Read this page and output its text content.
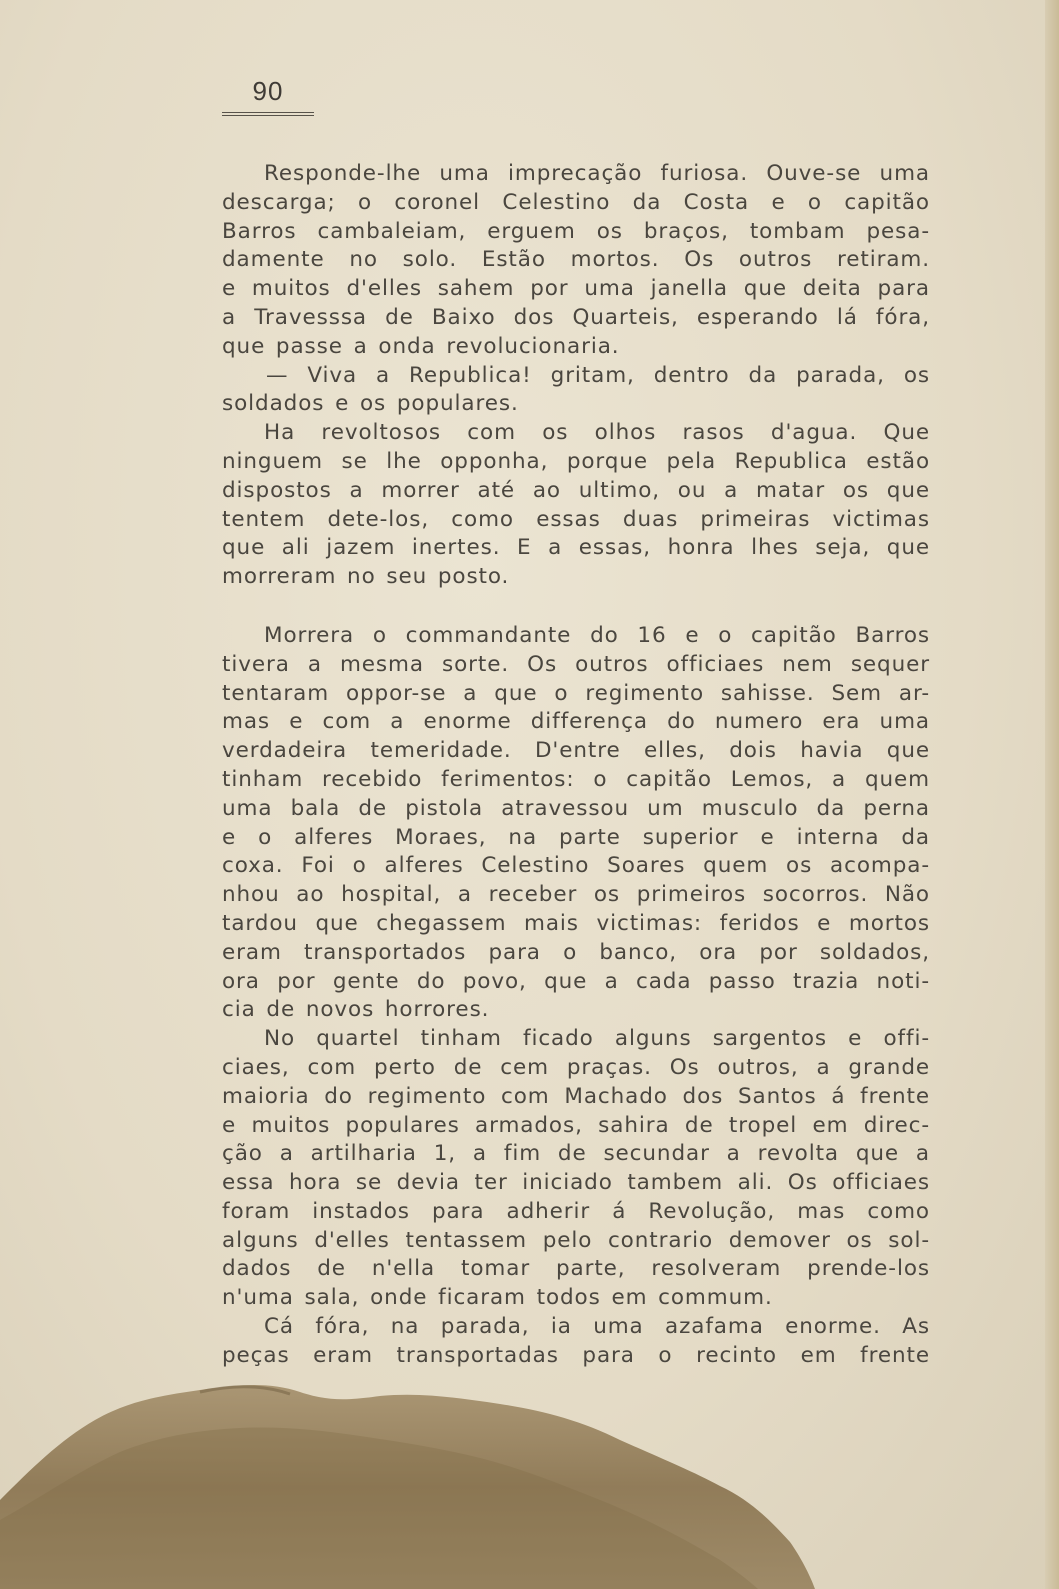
90
Responde-lhe uma imprecação furiosa. Ouve-se uma
descarga; o coronel Celestino da Costa e o capitão
Barros cambaleiam, erguem os braços, tombam pesa-
damente no solo. Estão mortos. Os outros retiram.
e muitos d'elles sahem por uma janella que deita para
a Travesssa de Baixo dos Quarteis, esperando lá fóra,
que passe a onda revolucionaria.
— Viva a Republica! gritam, dentro da parada, os
soldados e os populares.
Ha revoltosos com os olhos rasos d'agua. Que
ninguem se lhe opponha, porque pela Republica estão
dispostos a morrer até ao ultimo, ou a matar os que
tentem dete-los, como essas duas primeiras victimas
que ali jazem inertes. E a essas, honra lhes seja, que
morreram no seu posto.
Morrera o commandante do 16 e o capitão Barros
tivera a mesma sorte. Os outros officiaes nem sequer
tentaram oppor-se a que o regimento sahisse. Sem ar-
mas e com a enorme differença do numero era uma
verdadeira temeridade. D'entre elles, dois havia que
tinham recebido ferimentos: o capitão Lemos, a quem
uma bala de pistola atravessou um musculo da perna
e o alferes Moraes, na parte superior e interna da
coxa. Foi o alferes Celestino Soares quem os acompa-
nhou ao hospital, a receber os primeiros socorros. Não
tardou que chegassem mais victimas: feridos e mortos
eram transportados para o banco, ora por soldados,
ora por gente do povo, que a cada passo trazia noti-
cia de novos horrores.
No quartel tinham ficado alguns sargentos e offi-
ciaes, com perto de cem praças. Os outros, a grande
maioria do regimento com Machado dos Santos á frente
e muitos populares armados, sahira de tropel em direc-
ção a artilharia 1, a fim de secundar a revolta que a
essa hora se devia ter iniciado tambem ali. Os officiaes
foram instados para adherir á Revolução, mas como
alguns d'elles tentassem pelo contrario demover os sol-
dados de n'ella tomar parte, resolveram prende-los
n'uma sala, onde ficaram todos em commum.
Cá fóra, na parada, ia uma azafama enorme. As
peças eram transportadas para o recinto em frente
